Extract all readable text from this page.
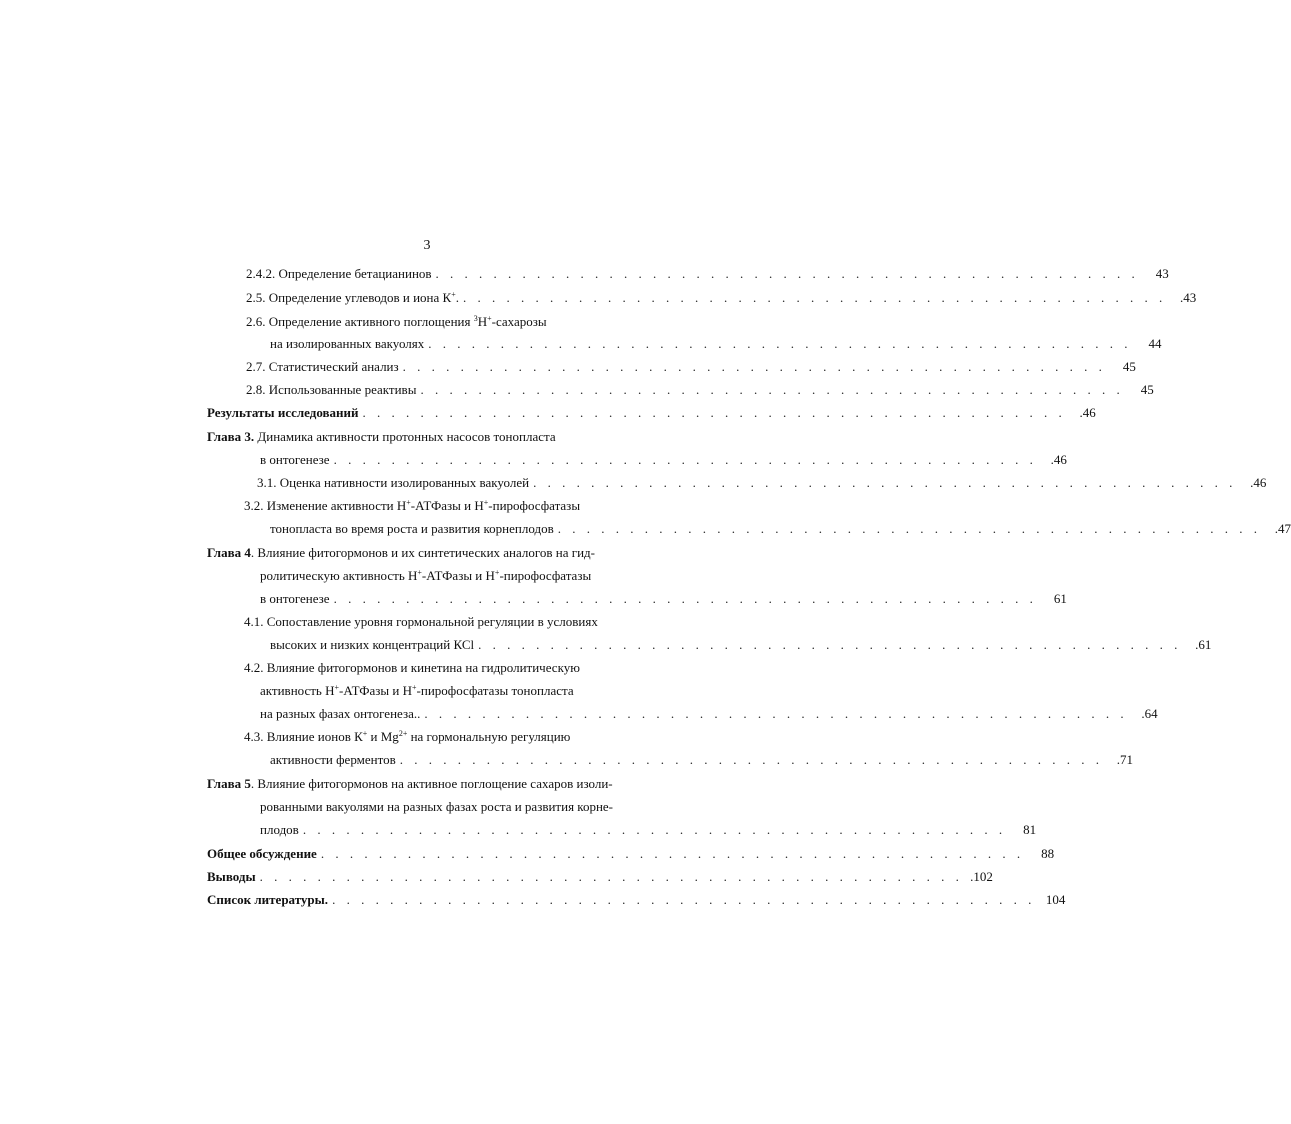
3
2.4.2. Определение бетацианинов . . . . . . . . . . . . . . . . . . . . . . . . . . . . . . . . . . . . . . . . . . . . . . . . .	43
2.5. Определение углеводов и иона К+. . . . . . . . . . . . . . . . . . . . . . . . . . . . . . . . . . . . . . . . . . . . . . . . . .	.43
2.6. Определение активного поглощения $^3$Н+-сахарозы
на изолированных вакуолях . . . . . . . . . . . . . . . . . . . . . . . . . . . . . . . . . . . . . . . . . . . . . . . . .	44
2.7. Статистический анализ . . . . . . . . . . . . . . . . . . . . . . . . . . . . . . . . . . . . . . . . . . . . . . . . .	45
2.8. Использованные реактивы . . . . . . . . . . . . . . . . . . . . . . . . . . . . . . . . . . . . . . . . . . . . . . . . .	45
Результаты исследований . . . . . . . . . . . . . . . . . . . . . . . . . . . . . . . . . . . . . . . . . . . . . . . . .	.46
Глава 3. Динамика активности протонных насосов тонопласта
в онтогенезе . . . . . . . . . . . . . . . . . . . . . . . . . . . . . . . . . . . . . . . . . . . . . . . . .	.46
3.1. Оценка нативности изолированных вакуолей . . . . . . . . . . . . . . . . . . . . . . . . . . . . . . . . . . . . . . . . . . . . . . . . .	.46
3.2. Изменение активности Н+-АТФазы и Н+-пирофосфатазы
тонопласта во время роста и развития корнеплодов . . . . . . . . . . . . . . . . . . . . . . . . . . . . . . . . . . . . . . . . . . . . . . . . .	.47
Глава 4. Влияние фитогормонов и их синтетических аналогов на гид-
ролитическую активность Н+-АТФазы и Н+-пирофосфатазы
в онтогенезе . . . . . . . . . . . . . . . . . . . . . . . . . . . . . . . . . . . . . . . . . . . . . . . . .	61
4.1. Сопоставление уровня гормональной регуляции в условиях
высоких и низких концентраций КСl . . . . . . . . . . . . . . . . . . . . . . . . . . . . . . . . . . . . . . . . . . . . . . . . .	.61
4.2. Влияние фитогормонов и кинетина на гидролитическую
активность Н+-АТФазы и Н+-пирофосфатазы тонопласта
на разных фазах онтогенеза.. . . . . . . . . . . . . . . . . . . . . . . . . . . . . . . . . . . . . . . . . . . . . . . . . .	.64
4.3. Влияние ионов К+ и $Mg^{2+}$ на гормональную регуляцию
активности ферментов . . . . . . . . . . . . . . . . . . . . . . . . . . . . . . . . . . . . . . . . . . . . . . . . .	.71
Глава 5. Влияние фитогормонов на активное поглощение сахаров изоли-
рованными вакуолями на разных фазах роста и развития корне-
плодов . . . . . . . . . . . . . . . . . . . . . . . . . . . . . . . . . . . . . . . . . . . . . . . . .	81
Общее обсуждение . . . . . . . . . . . . . . . . . . . . . . . . . . . . . . . . . . . . . . . . . . . . . . . . .	88
Выводы . . . . . . . . . . . . . . . . . . . . . . . . . . . . . . . . . . . . . . . . . . . . . . . . . .102
Список литературы. . . . . . . . . . . . . . . . . . . . . . . . . . . . . . . . . . . . . . . . . . . . . . . . . . 104
